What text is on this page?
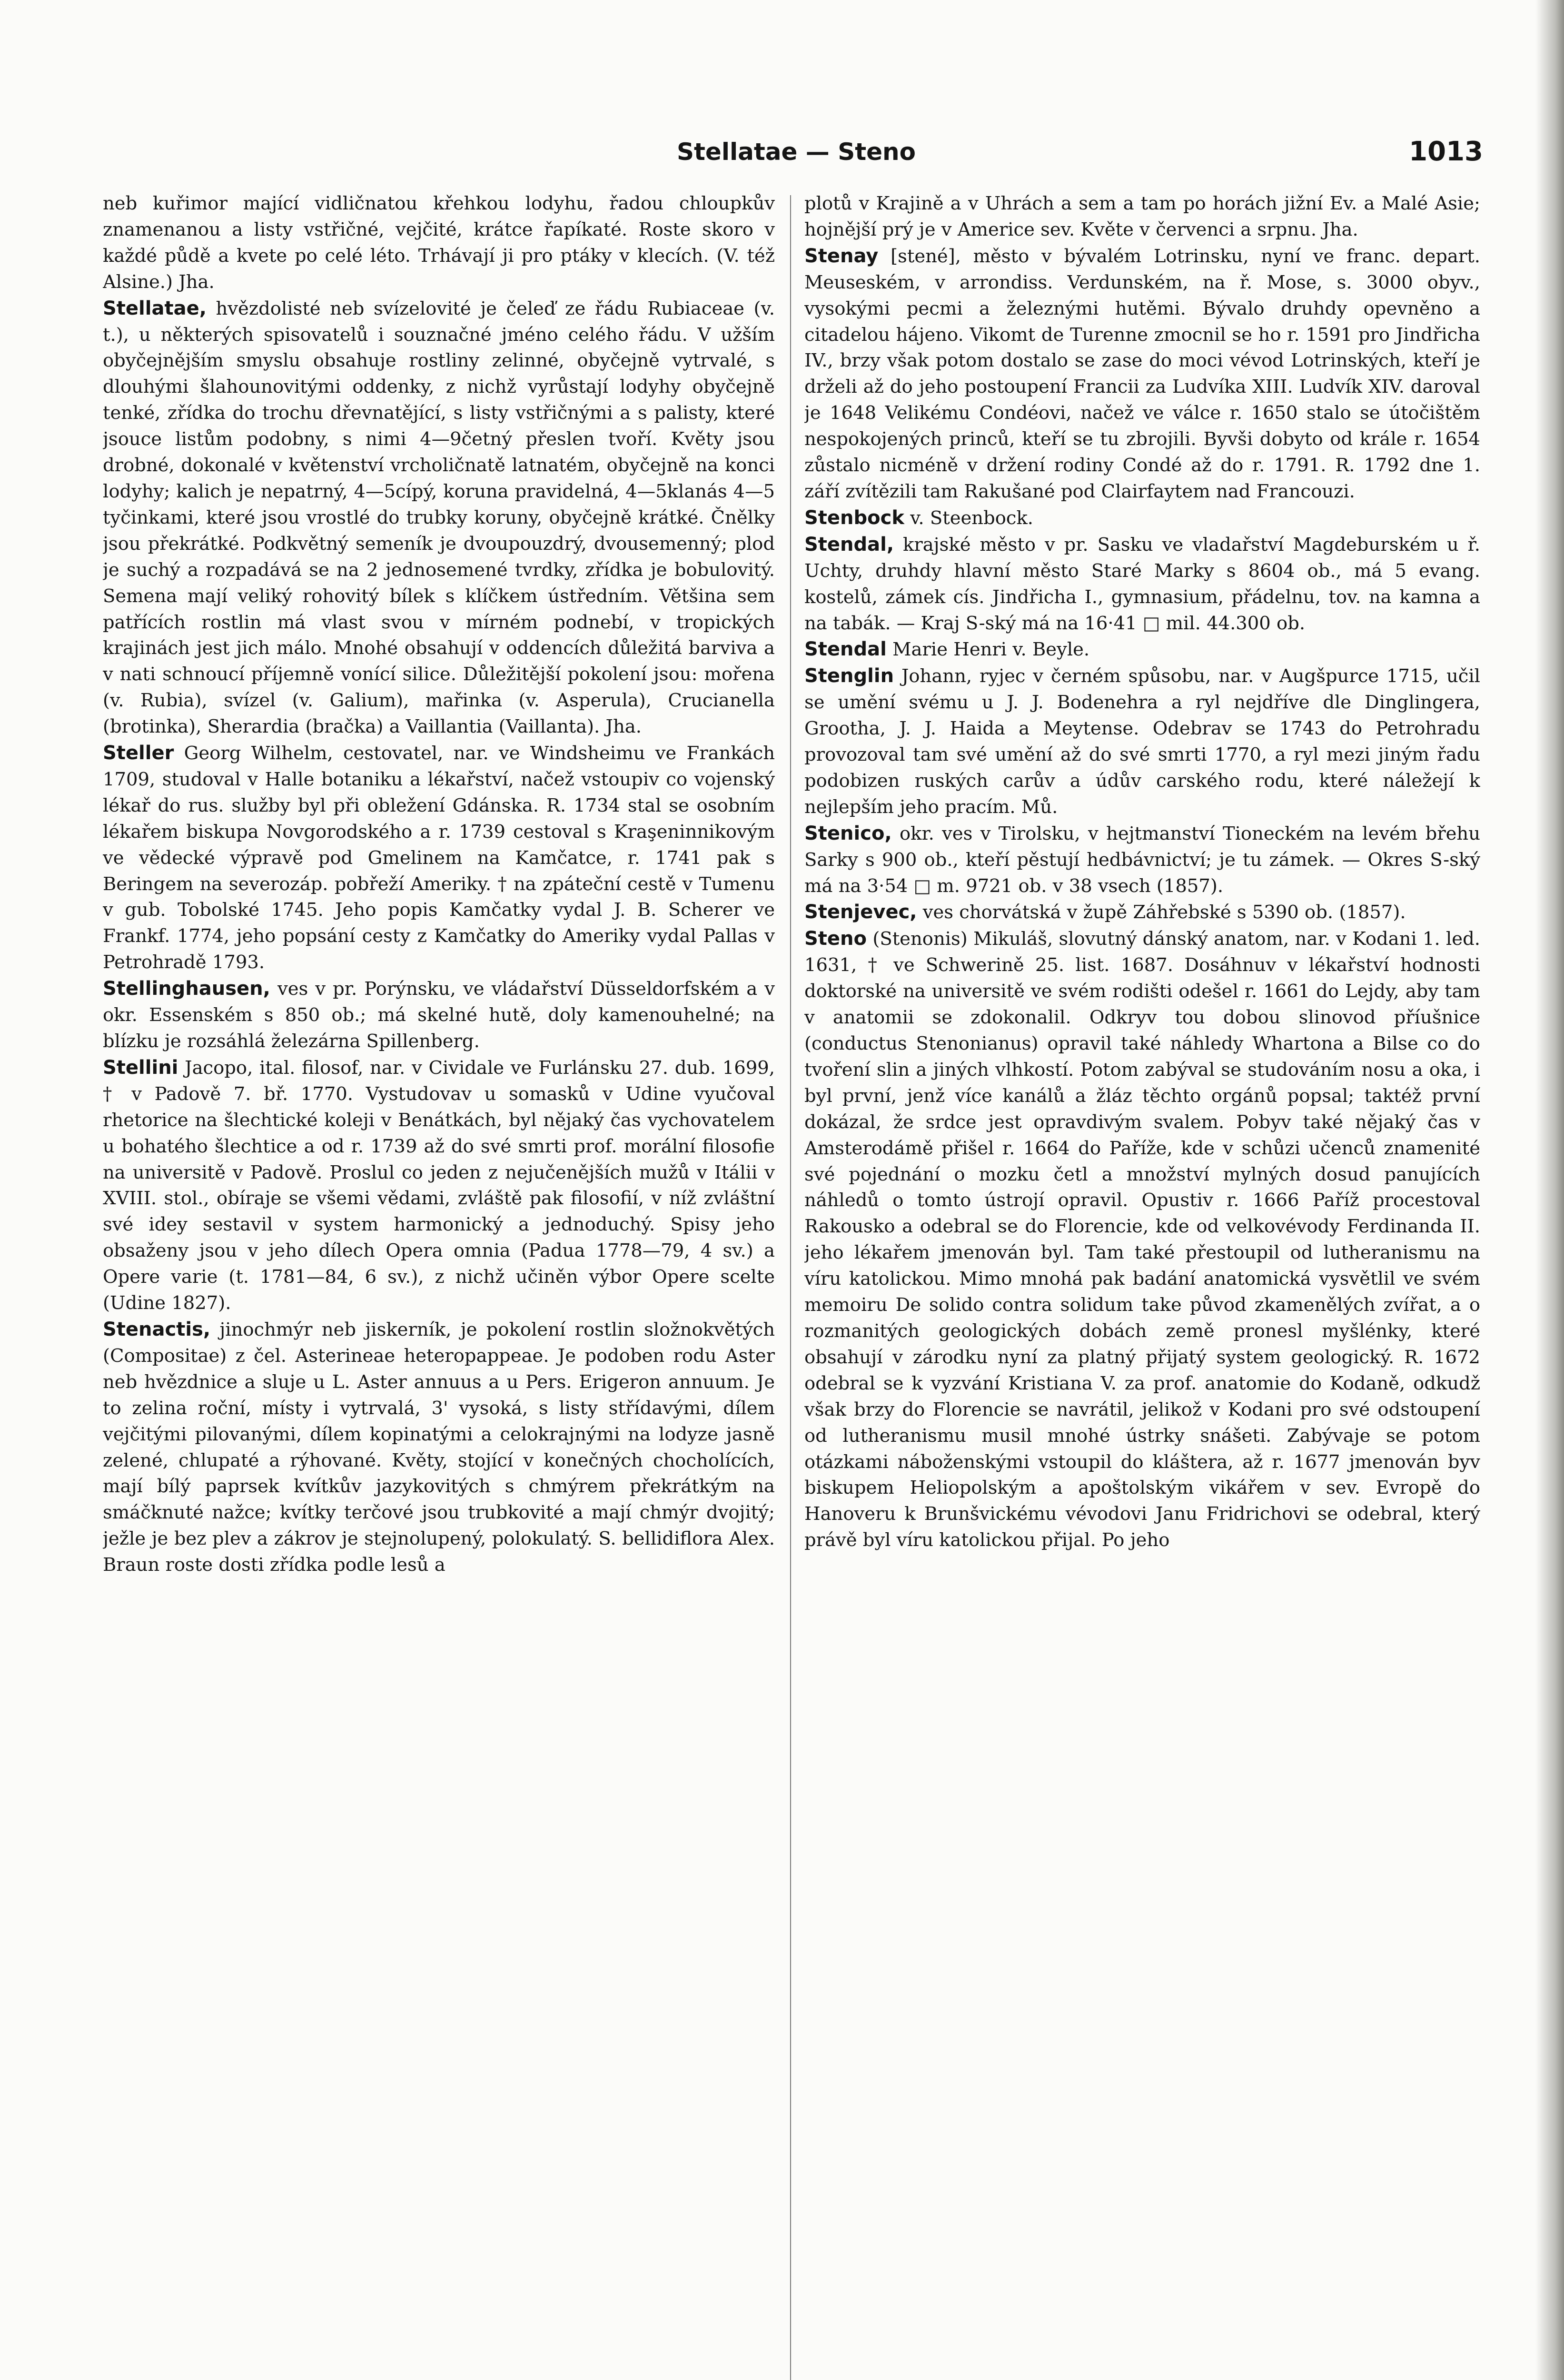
Stellatae — Steno	1013

neb kuřimor mající vidličnatou křehkou lodyhu, řadou chloupkův znamenanou a listy vstřičné, vejčité, krátce řapíkaté. Roste skoro v každé půdě a kvete po celé léto. Trhávají ji pro ptáky v klecích. (V. též Alsine.) Jha.

Stellatae, hvězdolisté neb svízelovité je čeleď ze řádu Rubiaceae (v. t.), u některých spisovatelů i souznačné jméno celého řádu. V užším obyčejnějším smyslu obsahuje rostliny zelinné, obyčejně vytrvalé, s dlouhými šlahounovitými oddenky, z nichž vyrůstají lodyhy obyčejně tenké, zřídka do trochu dřevnatějící, s listy vstřičnými a s palisty, které jsouce listům podobny, s nimi 4—9četný přeslen tvoří. Květy jsou drobné, dokonalé v květenství vrcholičnatě latnatém, obyčejně na konci lodyhy; kalich je nepatrný, 4—5cípý, koruna pravidelná, 4—5klanás 4—5 tyčinkami, které jsou vrostlé do trubky koruny, obyčejně krátké. Čnělky jsou překrátké. Podkvětný semeník je dvoupouzdrý, dvousemenný; plod je suchý a rozpadává se na 2 jednosemené tvrdky, zřídka je bobulovitý. Semena mají veliký rohovitý bílek s klíčkem ústředním. Většina sem patřících rostlin má vlast svou v mírném podnebí, v tropických krajinách jest jich málo. Mnohé obsahují v oddencích důležitá barviva a v nati schnoucí příjemně vonící silice. Důležitější pokolení jsou: mořena (v. Rubia), svízel (v. Galium), mařinka (v. Asperula), Crucianella (brotinka), Sherardia (bračka) a Vaillantia (Vaillanta). Jha.

Steller Georg Wilhelm, cestovatel, nar. ve Windsheimu ve Frankách 1709, studoval v Halle botaniku a lékařství, načež vstoupiv co vojenský lékař do rus. služby byl při obležení Gdánska. R. 1734 stal se osobním lékařem biskupa Novgorodského a r. 1739 cestoval s Kraşeninnikovým ve vědecké výpravě pod Gmelinem na Kamčatce, r. 1741 pak s Beringem na severozáp. pobřeží Ameriky. † na zpáteční cestě v Tumenu v gub. Tobolské 1745. Jeho popis Kamčatky vydal J. B. Scherer ve Frankf. 1774, jeho popsání cesty z Kamčatky do Ameriky vydal Pallas v Petrohradě 1793.

Stellinghausen, ves v pr. Porýnsku, ve vládařství Düsseldorfském a v okr. Essenském s 850 ob.; má skelné hutě, doly kamenouhelné; na blízku je rozsáhlá železárna Spillenberg.

Stellini Jacopo, ital. filosof, nar. v Cividale ve Furlánsku 27. dub. 1699, † v Padově 7. bř. 1770. Vystudovav u somasků v Udine vyučoval rhetorice na šlechtické koleji v Benátkách, byl nějaký čas vychovatelem u bohatého šlechtice a od r. 1739 až do své smrti prof. morální filosofie na universitě v Padově. Proslul co jeden z nejučenějších mužů v Itálii v XVIII. stol., obíraje se všemi vědami, zvláště pak filosofií, v níž zvláštní své idey sestavil v system harmonický a jednoduchý. Spisy jeho obsaženy jsou v jeho dílech Opera omnia (Padua 1778—79, 4 sv.) a Opere varie (t. 1781—84, 6 sv.), z nichž učiněn výbor Opere scelte (Udine 1827).

Stenactis, jinochmýr neb jiskerník, je pokolení rostlin složnokvětých (Compositae) z čel. Asterineae heteropappeae. Je podoben rodu Aster neb hvězdnice a sluje u L. Aster annuus a u Pers. Erigeron annuum. Je to zelina roční, místy i vytrvalá, 3' vysoká, s listy střídavými, dílem vejčitými pilovanými, dílem kopinatými a celokrajnými na lodyze jasně zelené, chlupaté a rýhované. Květy, stojící v konečných chocholících, mají bílý paprsek kvítkův jazykovitých s chmýrem překrátkým na smáčknuté nažce; kvítky terčové jsou trubkovité a mají chmýr dvojitý; ježle je bez plev a zákrov je stejnolupený, polokulatý. S. bellidiflora Alex. Braun roste dosti zřídka podle lesů a

plotů v Krajině a v Uhrách a sem a tam po horách jižní Ev. a Malé Asie; hojnější prý je v Americe sev. Květe v červenci a srpnu. Jha.

Stenay [stené], město v bývalém Lotrinsku, nyní ve franc. depart. Meuseském, v arrondiss. Verdunském, na ř. Mose, s. 3000 obyv., vysokými pecmi a železnými hutěmi. Bývalo druhdy opevněno a citadelou hájeno. Vikomt de Turenne zmocnil se ho r. 1591 pro Jindřicha IV., brzy však potom dostalo se zase do moci vévod Lotrinských, kteří je drželi až do jeho postoupení Francii za Ludvíka XIII. Ludvík XIV. daroval je 1648 Velikému Condéovi, načež ve válce r. 1650 stalo se útočištěm nespokojených princů, kteří se tu zbrojili. Byvši dobyto od krále r. 1654 zůstalo nicméně v držení rodiny Condé až do r. 1791. R. 1792 dne 1. září zvítězili tam Rakušané pod Clairfaytem nad Francouzi.

Stenbock v. Steenbock.

Stendal, krajské město v pr. Sasku ve vladařství Magdeburském u ř. Uchty, druhdy hlavní město Staré Marky s 8604 ob., má 5 evang. kostelů, zámek cís. Jindřicha I., gymnasium, přádelnu, tov. na kamna a na tabák. — Kraj S-ský má na 16·41 □ mil. 44.300 ob.

Stendal Marie Henri v. Beyle.

Stenglin Johann, ryjec v černém spůsobu, nar. v Augšpurce 1715, učil se umění svému u J. J. Bodenehra a ryl nejdříve dle Dinglingera, Grootha, J. J. Haida a Meytense. Odebrav se 1743 do Petrohradu provozoval tam své umění až do své smrti 1770, a ryl mezi jiným řadu podobizen ruských carův a údův carského rodu, které náležejí k nejlepším jeho pracím. Mů.

Stenico, okr. ves v Tirolsku, v hejtmanství Tioneckém na levém břehu Sarky s 900 ob., kteří pěstují hedbávnictví; je tu zámek. — Okres S-ský má na 3·54 □ m. 9721 ob. v 38 vsech (1857).

Stenjevec, ves chorvátská v župě Záhřebské s 5390 ob. (1857).

Steno (Stenonis) Mikuláš, slovutný dánský anatom, nar. v Kodani 1. led. 1631, † ve Schwerině 25. list. 1687. Dosáhnuv v lékařství hodnosti doktorské na universitě ve svém rodišti odešel r. 1661 do Lejdy, aby tam v anatomii se zdokonalil. Odkryv tou dobou slinovod příušnice (conductus Stenonianus) opravil také náhledy Whartona a Bilse co do tvoření slin a jiných vlhkostí. Potom zabýval se studováním nosu a oka, i byl první, jenž více kanálů a žláz těchto orgánů popsal; taktéž první dokázal, že srdce jest opravdivým svalem. Pobyv také nějaký čas v Amsterodámě přišel r. 1664 do Paříže, kde v schůzi učenců znamenité své pojednání o mozku četl a množství mylných dosud panujících náhledů o tomto ústrojí opravil. Opustiv r. 1666 Paříž procestoval Rakousko a odebral se do Florencie, kde od velkovévody Ferdinanda II. jeho lékařem jmenován byl. Tam také přestoupil od lutheranismu na víru katolickou. Mimo mnohá pak badání anatomická vysvětlil ve svém memoiru De solido contra solidum take původ zkamenělých zvířat, a o rozmanitých geologických dobách země pronesl myšlénky, které obsahují v zárodku nyní za platný přijatý system geologický. R. 1672 odebral se k vyzvání Kristiana V. za prof. anatomie do Kodaně, odkudž však brzy do Florencie se navrátil, jelikož v Kodani pro své odstoupení od lutheranismu musil mnohé ústrky snášeti. Zabývaje se potom otázkami náboženskými vstoupil do kláštera, až r. 1677 jmenován byv biskupem Heliopolským a apoštolským vikářem v sev. Evropě do Hanoveru k Brunšvickému vévodovi Janu Fridrichovi se odebral, který právě byl víru katolickou přijal. Po jeho
